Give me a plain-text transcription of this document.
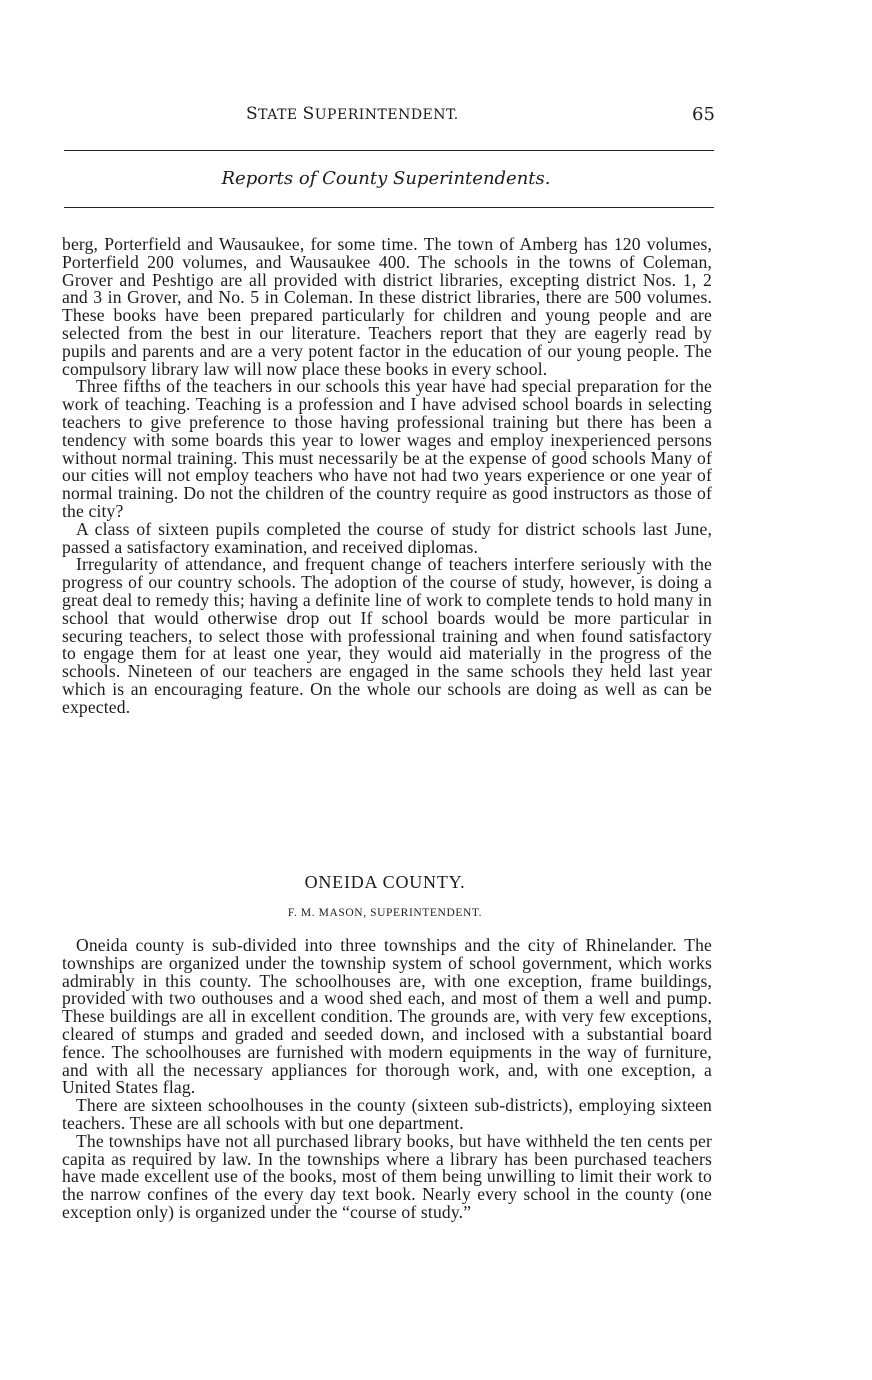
STATE SUPERINTENDENT.	65
Reports of County Superintendents.

berg, Porterfield and Wausaukee, for some time. The town of Amberg has 120 volumes, Porterfield 200 volumes, and Wausaukee 400. The schools in the towns of Coleman, Grover and Peshtigo are all provided with district libraries, excepting district Nos. 1, 2 and 3 in Grover, and No. 5 in Coleman. In these district libraries, there are 500 volumes. These books have been prepared particularly for children and young people and are selected from the best in our literature. Teachers report that they are eagerly read by pupils and parents and are a very potent factor in the education of our young people. The compulsory library law will now place these books in every school.

Three fifths of the teachers in our schools this year have had special preparation for the work of teaching. Teaching is a profession and I have advised school boards in selecting teachers to give preference to those having professional training but there has been a tendency with some boards this year to lower wages and employ inexperienced persons without normal training. This must necessarily be at the expense of good schools Many of our cities will not employ teachers who have not had two years experience or one year of normal training. Do not the children of the country require as good instructors as those of the city?

A class of sixteen pupils completed the course of study for district schools last June, passed a satisfactory examination, and received diplomas.

Irregularity of attendance, and frequent change of teachers interfere seriously with the progress of our country schools. The adoption of the course of study, however, is doing a great deal to remedy this; having a definite line of work to complete tends to hold many in school that would otherwise drop out If school boards would be more particular in securing teachers, to select those with professional training and when found satisfactory to engage them for at least one year, they would aid materially in the progress of the schools. Nineteen of our teachers are engaged in the same schools they held last year which is an encouraging feature. On the whole our schools are doing as well as can be expected.

ONEIDA COUNTY.
F. M. MASON, SUPERINTENDENT.

Oneida county is sub-divided into three townships and the city of Rhinelander. The townships are organized under the township system of school government, which works admirably in this county. The schoolhouses are, with one exception, frame buildings, provided with two outhouses and a wood shed each, and most of them a well and pump. These buildings are all in excellent condition. The grounds are, with very few exceptions, cleared of stumps and graded and seeded down, and inclosed with a substantial board fence. The schoolhouses are furnished with modern equipments in the way of furniture, and with all the necessary appliances for thorough work, and, with one exception, a United States flag.

There are sixteen schoolhouses in the county (sixteen sub-districts), employing sixteen teachers. These are all schools with but one department.

The townships have not all purchased library books, but have withheld the ten cents per capita as required by law. In the townships where a library has been purchased teachers have made excellent use of the books, most of them being unwilling to limit their work to the narrow confines of the every day text book. Nearly every school in the county (one exception only) is organized under the “course of study.”
